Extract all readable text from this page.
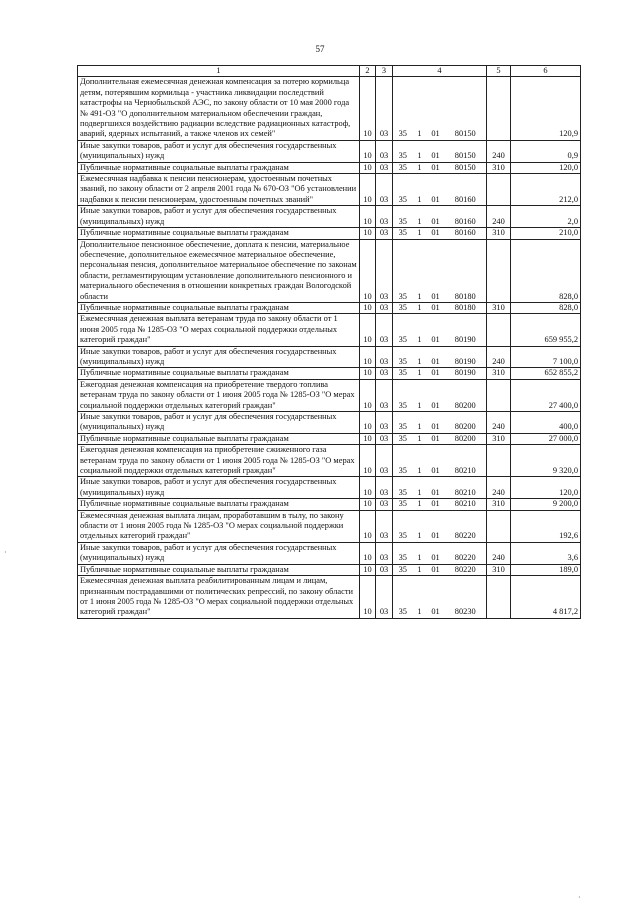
57
1	2	3	4				5	6
Дополнительная ежемесячная денежная компенсация за потерю кормильца детям, потерявшим кормильца - участника ликвидации последствий катастрофы на Чернобыльской АЭС, по закону области от 10 мая 2000 года № 491-ОЗ "О дополнительном материальном обеспечении граждан, подвергшихся воздействию радиации вследствие радиационных катастроф, аварий, ядерных испытаний, а также членов их семей"	10	03	35	1	01	80150		120,9
Иные закупки товаров, работ и услуг для обеспечения государственных (муниципальных) нужд	10	03	35	1	01	80150	240	0,9
Публичные нормативные социальные выплаты гражданам	10	03	35	1	01	80150	310	120,0
Ежемесячная надбавка к пенсии пенсионерам, удостоенным почетных званий, по закону области от 2 апреля 2001 года № 670-ОЗ "Об установлении надбавки к пенсии пенсионерам, удостоенным почетных званий"	10	03	35	1	01	80160		212,0
Иные закупки товаров, работ и услуг для обеспечения государственных (муниципальных) нужд	10	03	35	1	01	80160	240	2,0
Публичные нормативные социальные выплаты гражданам	10	03	35	1	01	80160	310	210,0
Дополнительное пенсионное обеспечение, доплата к пенсии, материальное обеспечение, дополнительное ежемесячное материальное обеспечение, персональная пенсия, дополнительное материальное обеспечение по законам области, регламентирующим установление дополнительного пенсионного и материального обеспечения в отношении конкретных граждан Вологодской области	10	03	35	1	01	80180		828,0
Публичные нормативные социальные выплаты гражданам	10	03	35	1	01	80180	310	828,0
Ежемесячная денежная выплата ветеранам труда по закону области от 1 июня 2005 года № 1285-ОЗ "О мерах социальной поддержки отдельных категорий граждан"	10	03	35	1	01	80190		659 955,2
Иные закупки товаров, работ и услуг для обеспечения государственных (муниципальных) нужд	10	03	35	1	01	80190	240	7 100,0
Публичные нормативные социальные выплаты гражданам	10	03	35	1	01	80190	310	652 855,2
Ежегодная денежная компенсация на приобретение твердого топлива ветеранам труда по закону области от 1 июня 2005 года № 1285-ОЗ "О мерах социальной поддержки отдельных категорий граждан"	10	03	35	1	01	80200		27 400,0
Иные закупки товаров, работ и услуг для обеспечения государственных (муниципальных) нужд	10	03	35	1	01	80200	240	400,0
Публичные нормативные социальные выплаты гражданам	10	03	35	1	01	80200	310	27 000,0
Ежегодная денежная компенсация на приобретение сжиженного газа ветеранам труда по закону области от 1 июня 2005 года № 1285-ОЗ "О мерах социальной поддержки отдельных категорий граждан"	10	03	35	1	01	80210		9 320,0
Иные закупки товаров, работ и услуг для обеспечения государственных (муниципальных) нужд	10	03	35	1	01	80210	240	120,0
Публичные нормативные социальные выплаты гражданам	10	03	35	1	01	80210	310	9 200,0
Ежемесячная денежная выплата лицам, проработавшим в тылу, по закону области от 1 июня 2005 года № 1285-ОЗ "О мерах социальной поддержки отдельных категорий граждан"	10	03	35	1	01	80220		192,6
Иные закупки товаров, работ и услуг для обеспечения государственных (муниципальных) нужд	10	03	35	1	01	80220	240	3,6
Публичные нормативные социальные выплаты гражданам	10	03	35	1	01	80220	310	189,0
Ежемесячная денежная выплата реабилитированным лицам и лицам, признанным пострадавшими от политических репрессий, по закону области от 1 июня 2005 года № 1285-ОЗ "О мерах социальной поддержки отдельных категорий граждан"	10	03	35	1	01	80230		4 817,2
·
·
